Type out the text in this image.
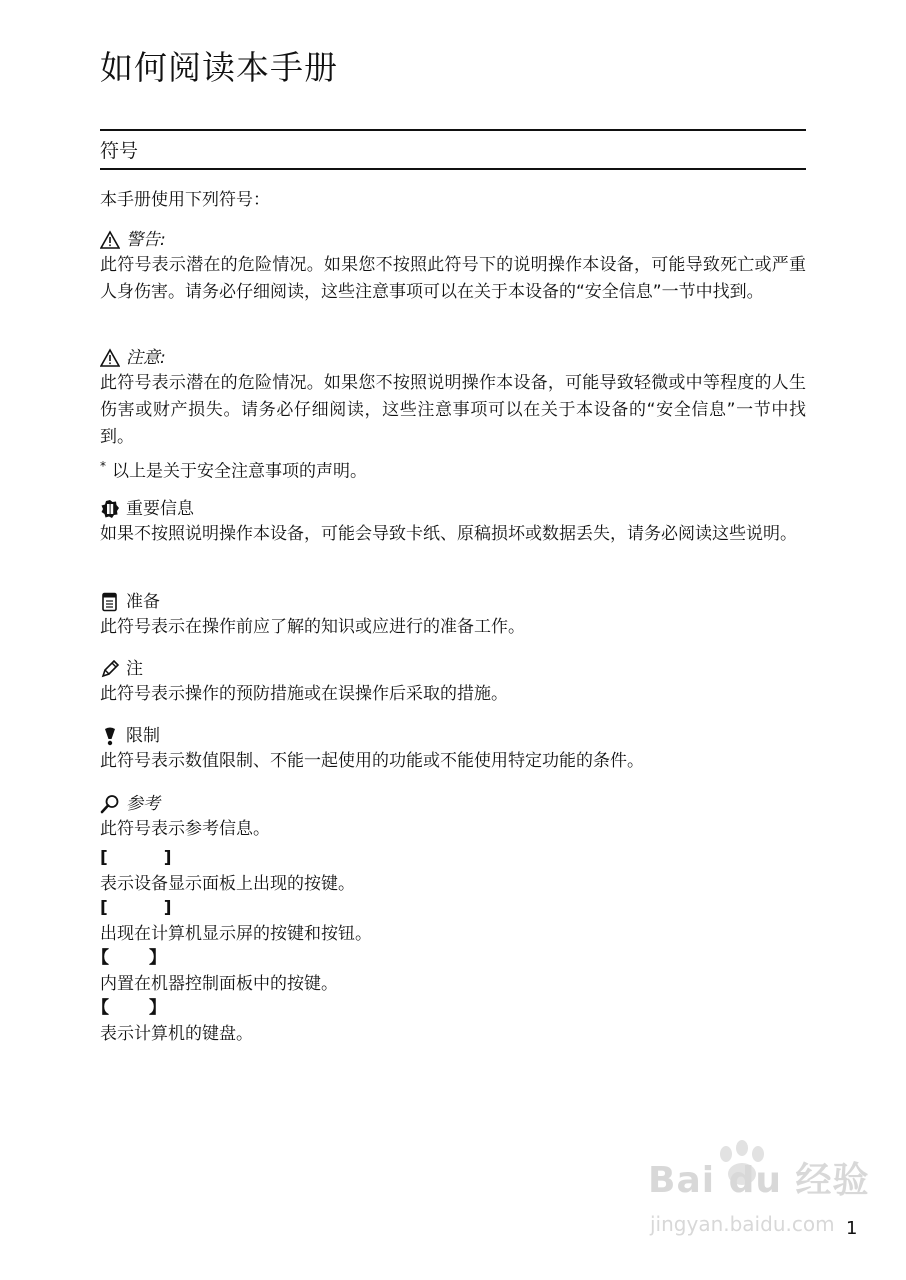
如何阅读本手册
符号
本手册使用下列符号：
警告:
此符号表示潜在的危险情况。如果您不按照此符号下的说明操作本设备，可能导致死亡或严重人身伤害。请务必仔细阅读，这些注意事项可以在关于本设备的“安全信息”一节中找到。
注意:
此符号表示潜在的危险情况。如果您不按照说明操作本设备，可能导致轻微或中等程度的人生伤害或财产损失。请务必仔细阅读，这些注意事项可以在关于本设备的“安全信息”一节中找到。
* 以上是关于安全注意事项的声明。
重要信息
如果不按照说明操作本设备，可能会导致卡纸、原稿损坏或数据丢失，请务必阅读这些说明。
准备
此符号表示在操作前应了解的知识或应进行的准备工作。
注
此符号表示操作的预防措施或在误操作后采取的措施。
限制
此符号表示数值限制、不能一起使用的功能或不能使用特定功能的条件。
参考
此符号表示参考信息。
[	]
表示设备显示面板上出现的按键。
[	]
出现在计算机显示屏的按键和按钮。
【 】
内置在机器控制面板中的按键。
【 】
表示计算机的键盘。
Bai du 经验
jingyan.baidu.com 1
